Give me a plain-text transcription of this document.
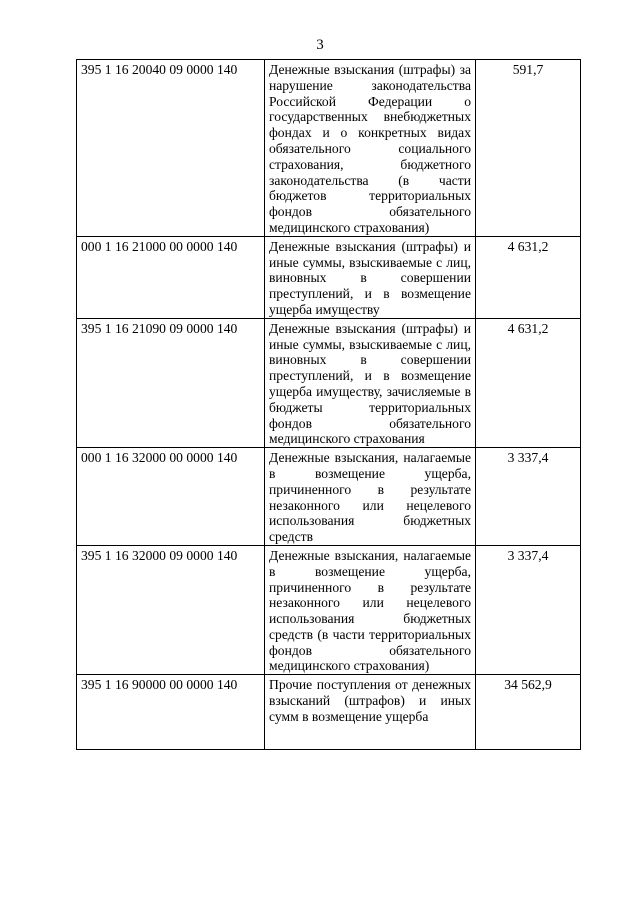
3
395 1 16 20040 09 0000 140	Денежные взыскания (штрафы) за нарушение законодательства Российской Федерации о государственных внебюджетных фондах и о конкретных видах обязательного социального страхования, бюджетного законодательства (в части бюджетов территориальных фондов обязательного медицинского страхования)	591,7
000 1 16 21000 00 0000 140	Денежные взыскания (штрафы) и иные суммы, взыскиваемые с лиц, виновных в совершении преступлений, и в возмещение ущерба имуществу	4 631,2
395 1 16 21090 09 0000 140	Денежные взыскания (штрафы) и иные суммы, взыскиваемые с лиц, виновных в совершении преступлений, и в возмещение ущерба имуществу, зачисляемые в бюджеты территориальных фондов обязательного медицинского страхования	4 631,2
000 1 16 32000 00 0000 140	Денежные взыскания, налагаемые в возмещение ущерба, причиненного в результате незаконного или нецелевого использования бюджетных средств	3 337,4
395 1 16 32000 09 0000 140	Денежные взыскания, налагаемые в возмещение ущерба, причиненного в результате незаконного или нецелевого использования бюджетных средств (в части территориальных фондов обязательного медицинского страхования)	3 337,4
395 1 16 90000 00 0000 140	Прочие поступления от денежных взысканий (штрафов) и иных сумм в возмещение ущерба	34 562,9
